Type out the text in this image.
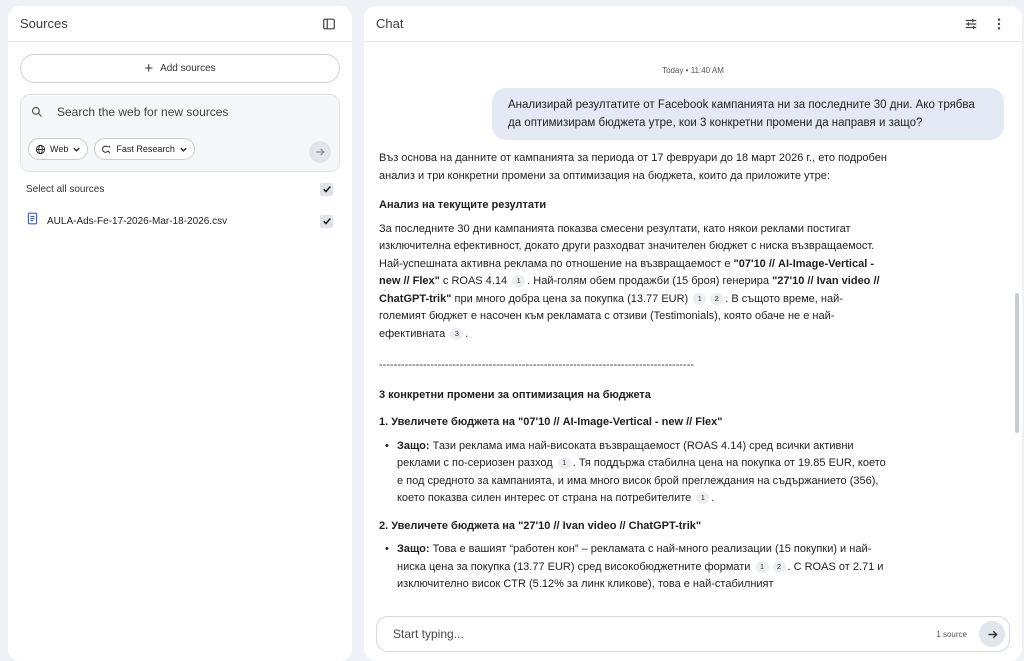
Sources
+ Add sources
Search the web for new sources
Web	Fast Research
Select all sources
AULA-Ads-Fe-17-2026-Mar-18-2026.csv
Chat
Today • 11:40 AM
Анализирай резултатите от Facebook кампанията ни за последните 30 дни. Ако трябва да оптимизирам бюджета утре, кои 3 конкретни промени да направя и защо?

Въз основа на данните от кампанията за периода от 17 февруари до 18 март 2026 г., ето подробен анализ и три конкретни промени за оптимизация на бюджета, които да приложите утре:

Анализ на текущите резултати

За последните 30 дни кампанията показва смесени резултати, като някои реклами постигат изключителна ефективност, докато други разходват значителен бюджет с ниска възвращаемост. Най-успешната активна реклама по отношение на възвращаемост е "07'10 // AI-Image-Vertical - new // Flex" с ROAS 4.14 1 . Най-голям обем продажби (15 броя) генерира "27'10 // Ivan video // ChatGPT-trik" при много добра цена за покупка (13.77 EUR) 1 2 . В същото време, най-големият бюджет е насочен към рекламата с отзиви (Testimonials), която обаче не е най-ефективната 3 .

--------------------------------------------------------------------------------------
3 конкретни промени за оптимизация на бюджета
1. Увеличете бюджета на "07'10 // AI-Image-Vertical - new // Flex"
• Защо: Тази реклама има най-високата възвращаемост (ROAS 4.14) сред всички активни реклами с по-сериозен разход 1 . Тя поддържа стабилна цена на покупка от 19.85 EUR, което е под средното за кампанията, и има много висок брой преглеждания на съдържанието (356), което показва силен интерес от страна на потребителите 1 .
2. Увеличете бюджета на "27'10 // Ivan video // ChatGPT-trik"
• Защо: Това е вашият “работен кон” – рекламата с най-много реализации (15 покупки) и най-ниска цена за покупка (13.77 EUR) сред високобюджетните формати 1 2 . С ROAS от 2.71 и изключително висок CTR (5.12% за линк кликове), това е най-стабилният
Start typing...
1 source
